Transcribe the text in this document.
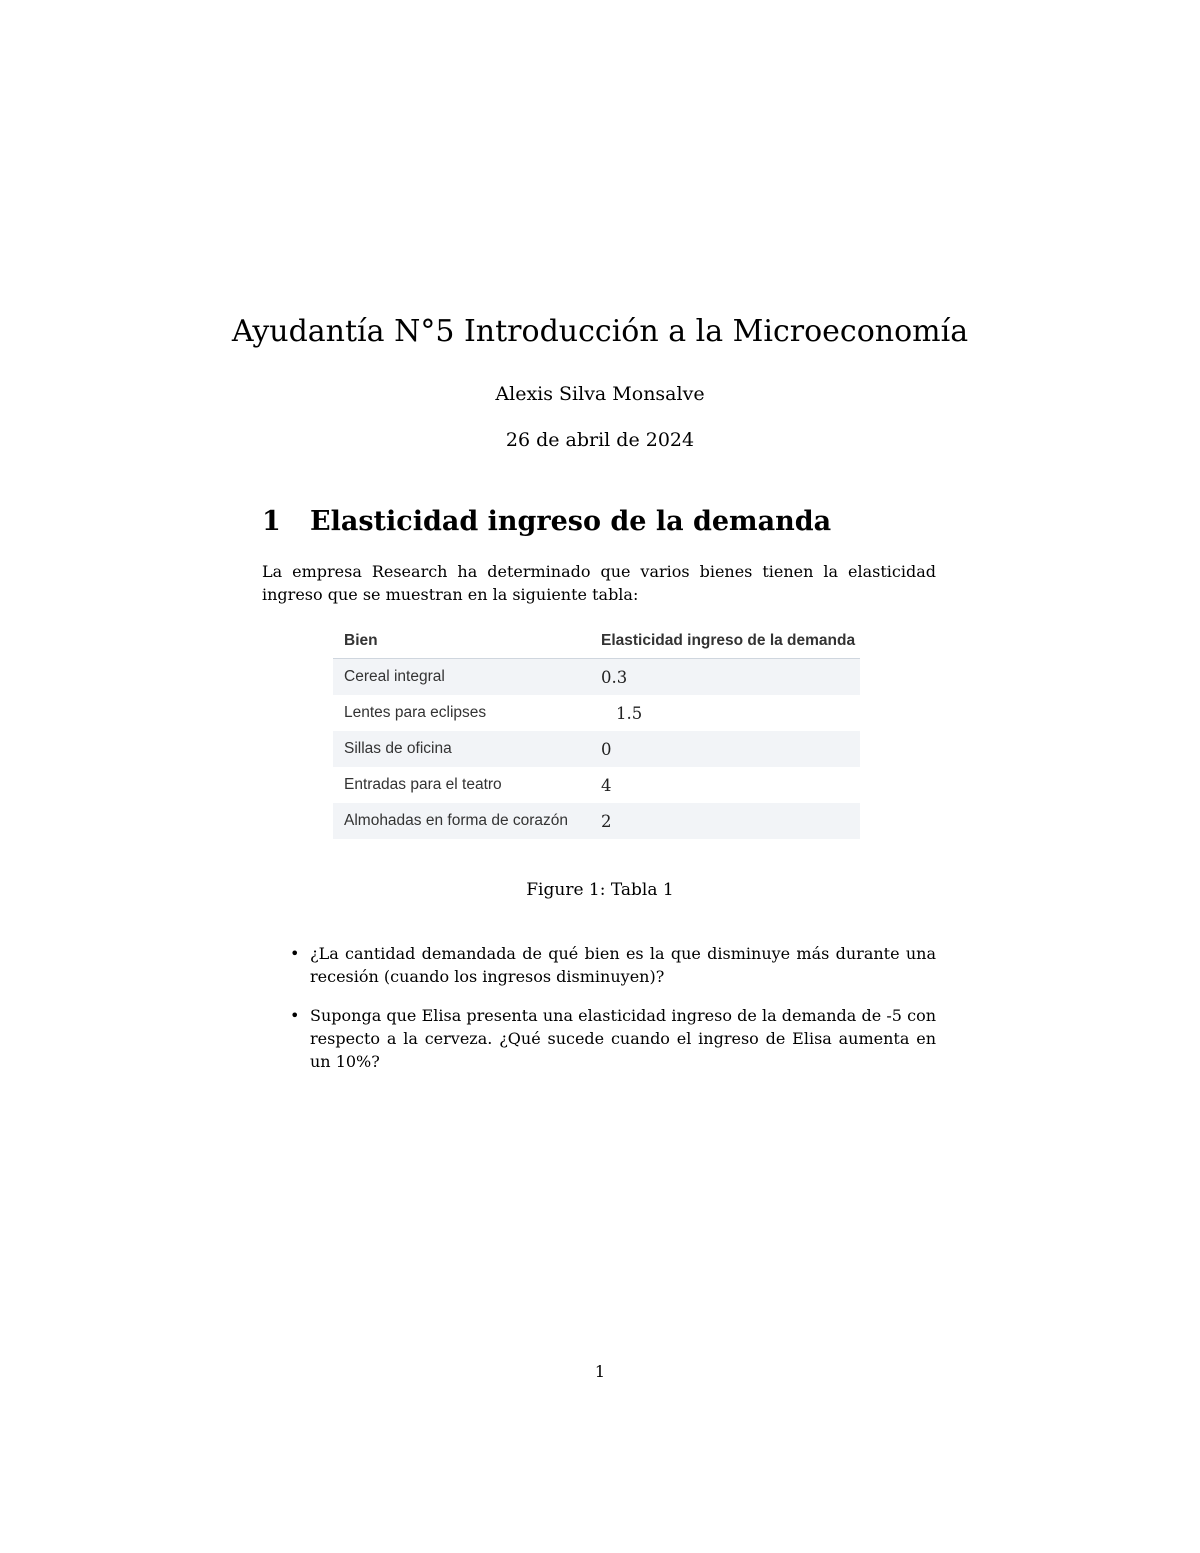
Ayudantía N°5 Introducción a la Microeconomía
Alexis Silva Monsalve
26 de abril de 2024
1 Elasticidad ingreso de la demanda

La empresa Research ha determinado que varios bienes tienen la elasticidad ingreso que se muestran en la siguiente tabla:

Bien	Elasticidad ingreso de la demanda
Cereal integral	0.3
Lentes para eclipses	1.5
Sillas de oficina	0
Entradas para el teatro	4
Almohadas en forma de corazón	2
Figure 1: Tabla 1
• ¿La cantidad demandada de qué bien es la que disminuye más durante una recesión (cuando los ingresos disminuyen)?
• Suponga que Elisa presenta una elasticidad ingreso de la demanda de -5 con respecto a la cerveza. ¿Qué sucede cuando el ingreso de Elisa aumenta en un 10%?
1
